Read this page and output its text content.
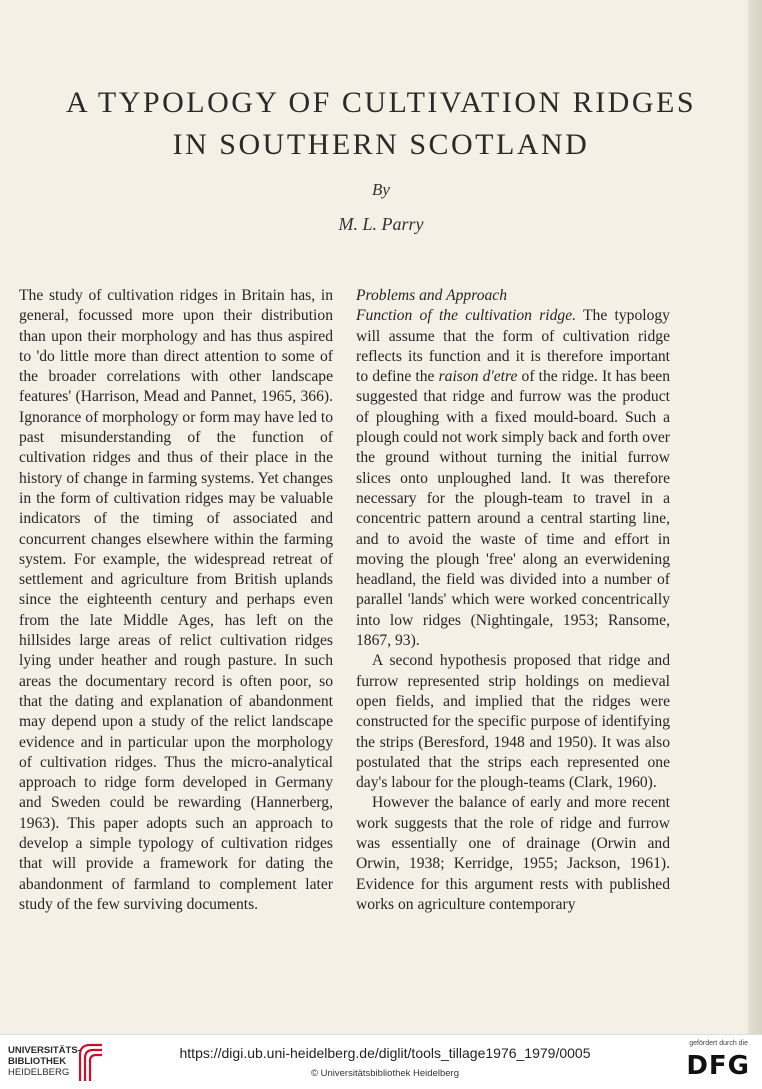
A TYPOLOGY OF CULTIVATION RIDGES
IN SOUTHERN SCOTLAND
By
M. L. Parry

The study of cultivation ridges in Britain has, in general, focussed more upon their distribution than upon their morphology and has thus aspired to 'do little more than direct attention to some of the broader correlations with other landscape features' (Harrison, Mead and Pannet, 1965, 366). Ignorance of morphology or form may have led to past misunderstanding of the function of cultivation ridges and thus of their place in the history of change in farming systems. Yet changes in the form of cultivation ridges may be valuable indicators of the timing of associated and concurrent changes elsewhere within the farming system. For example, the widespread retreat of settlement and agriculture from British uplands since the eighteenth century and perhaps even from the late Middle Ages, has left on the hillsides large areas of relict cultivation ridges lying under heather and rough pasture. In such areas the documentary record is often poor, so that the dating and explanation of abandonment may depend upon a study of the relict landscape evidence and in particular upon the morphology of cultivation ridges. Thus the micro-analytical approach to ridge form developed in Germany and Sweden could be rewarding (Hannerberg, 1963). This paper adopts such an approach to develop a simple typology of cultivation ridges that will provide a framework for dating the abandonment of farmland to complement later study of the few surviving documents.

Problems and Approach

Function of the cultivation ridge. The typology will assume that the form of cultivation ridge reflects its function and it is therefore important to define the raison d'etre of the ridge. It has been suggested that ridge and furrow was the product of ploughing with a fixed mould-board. Such a plough could not work simply back and forth over the ground without turning the initial furrow slices onto unploughed land. It was therefore necessary for the plough-team to travel in a concentric pattern around a central starting line, and to avoid the waste of time and effort in moving the plough 'free' along an everwidening headland, the field was divided into a number of parallel 'lands' which were worked concentrically into low ridges (Nightingale, 1953; Ransome, 1867, 93).

A second hypothesis proposed that ridge and furrow represented strip holdings on medieval open fields, and implied that the ridges were constructed for the specific purpose of identifying the strips (Beresford, 1948 and 1950). It was also postulated that the strips each represented one day's labour for the plough-teams (Clark, 1960).

However the balance of early and more recent work suggests that the role of ridge and furrow was essentially one of drainage (Orwin and Orwin, 1938; Kerridge, 1955; Jackson, 1961). Evidence for this argument rests with published works on agriculture contemporary

UNIVERSITÄTS-
BIBLIOTHEK
HEIDELBERG
https://digi.ub.uni-heidelberg.de/diglit/tools_tillage1976_1979/0005
© Universitätsbibliothek Heidelberg
gefördert durch die
DFG
